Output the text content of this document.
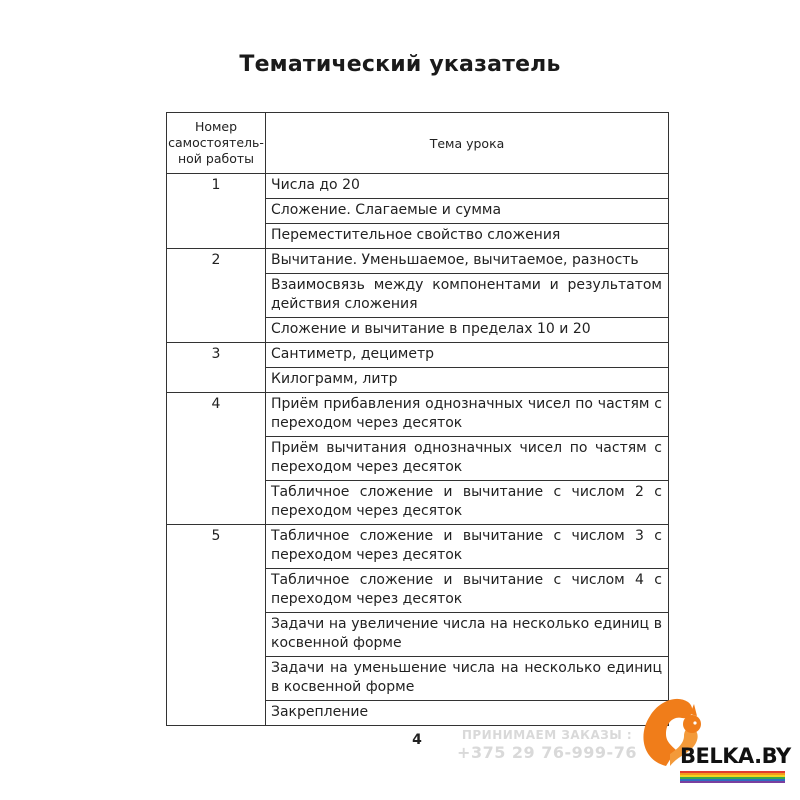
Тематический указатель
Номер самостоятель-ной работы	Тема урока
1	Числа до 20
	Сложение. Слагаемые и сумма
	Переместительное свойство сложения
2	Вычитание. Уменьшаемое, вычитаемое, разность
	Взаимосвязь между компонентами и результатом действия сложения
	Сложение и вычитание в пределах 10 и 20
3	Сантиметр, дециметр
	Килограмм, литр
4	Приём прибавления однозначных чисел по частям с переходом через десяток
	Приём вычитания однозначных чисел по частям с переходом через десяток
	Табличное сложение и вычитание с числом 2 с переходом через десяток
5	Табличное сложение и вычитание с числом 3 с переходом через десяток
	Табличное сложение и вычитание с числом 4 с переходом через десяток
	Задачи на увеличение числа на несколько единиц в косвенной форме
	Задачи на уменьшение числа на несколько единиц в косвенной форме
	Закрепление
4	ПРИНИМАЕМ ЗАКАЗЫ :
+375 29 76-999-76 BELKA.BY
